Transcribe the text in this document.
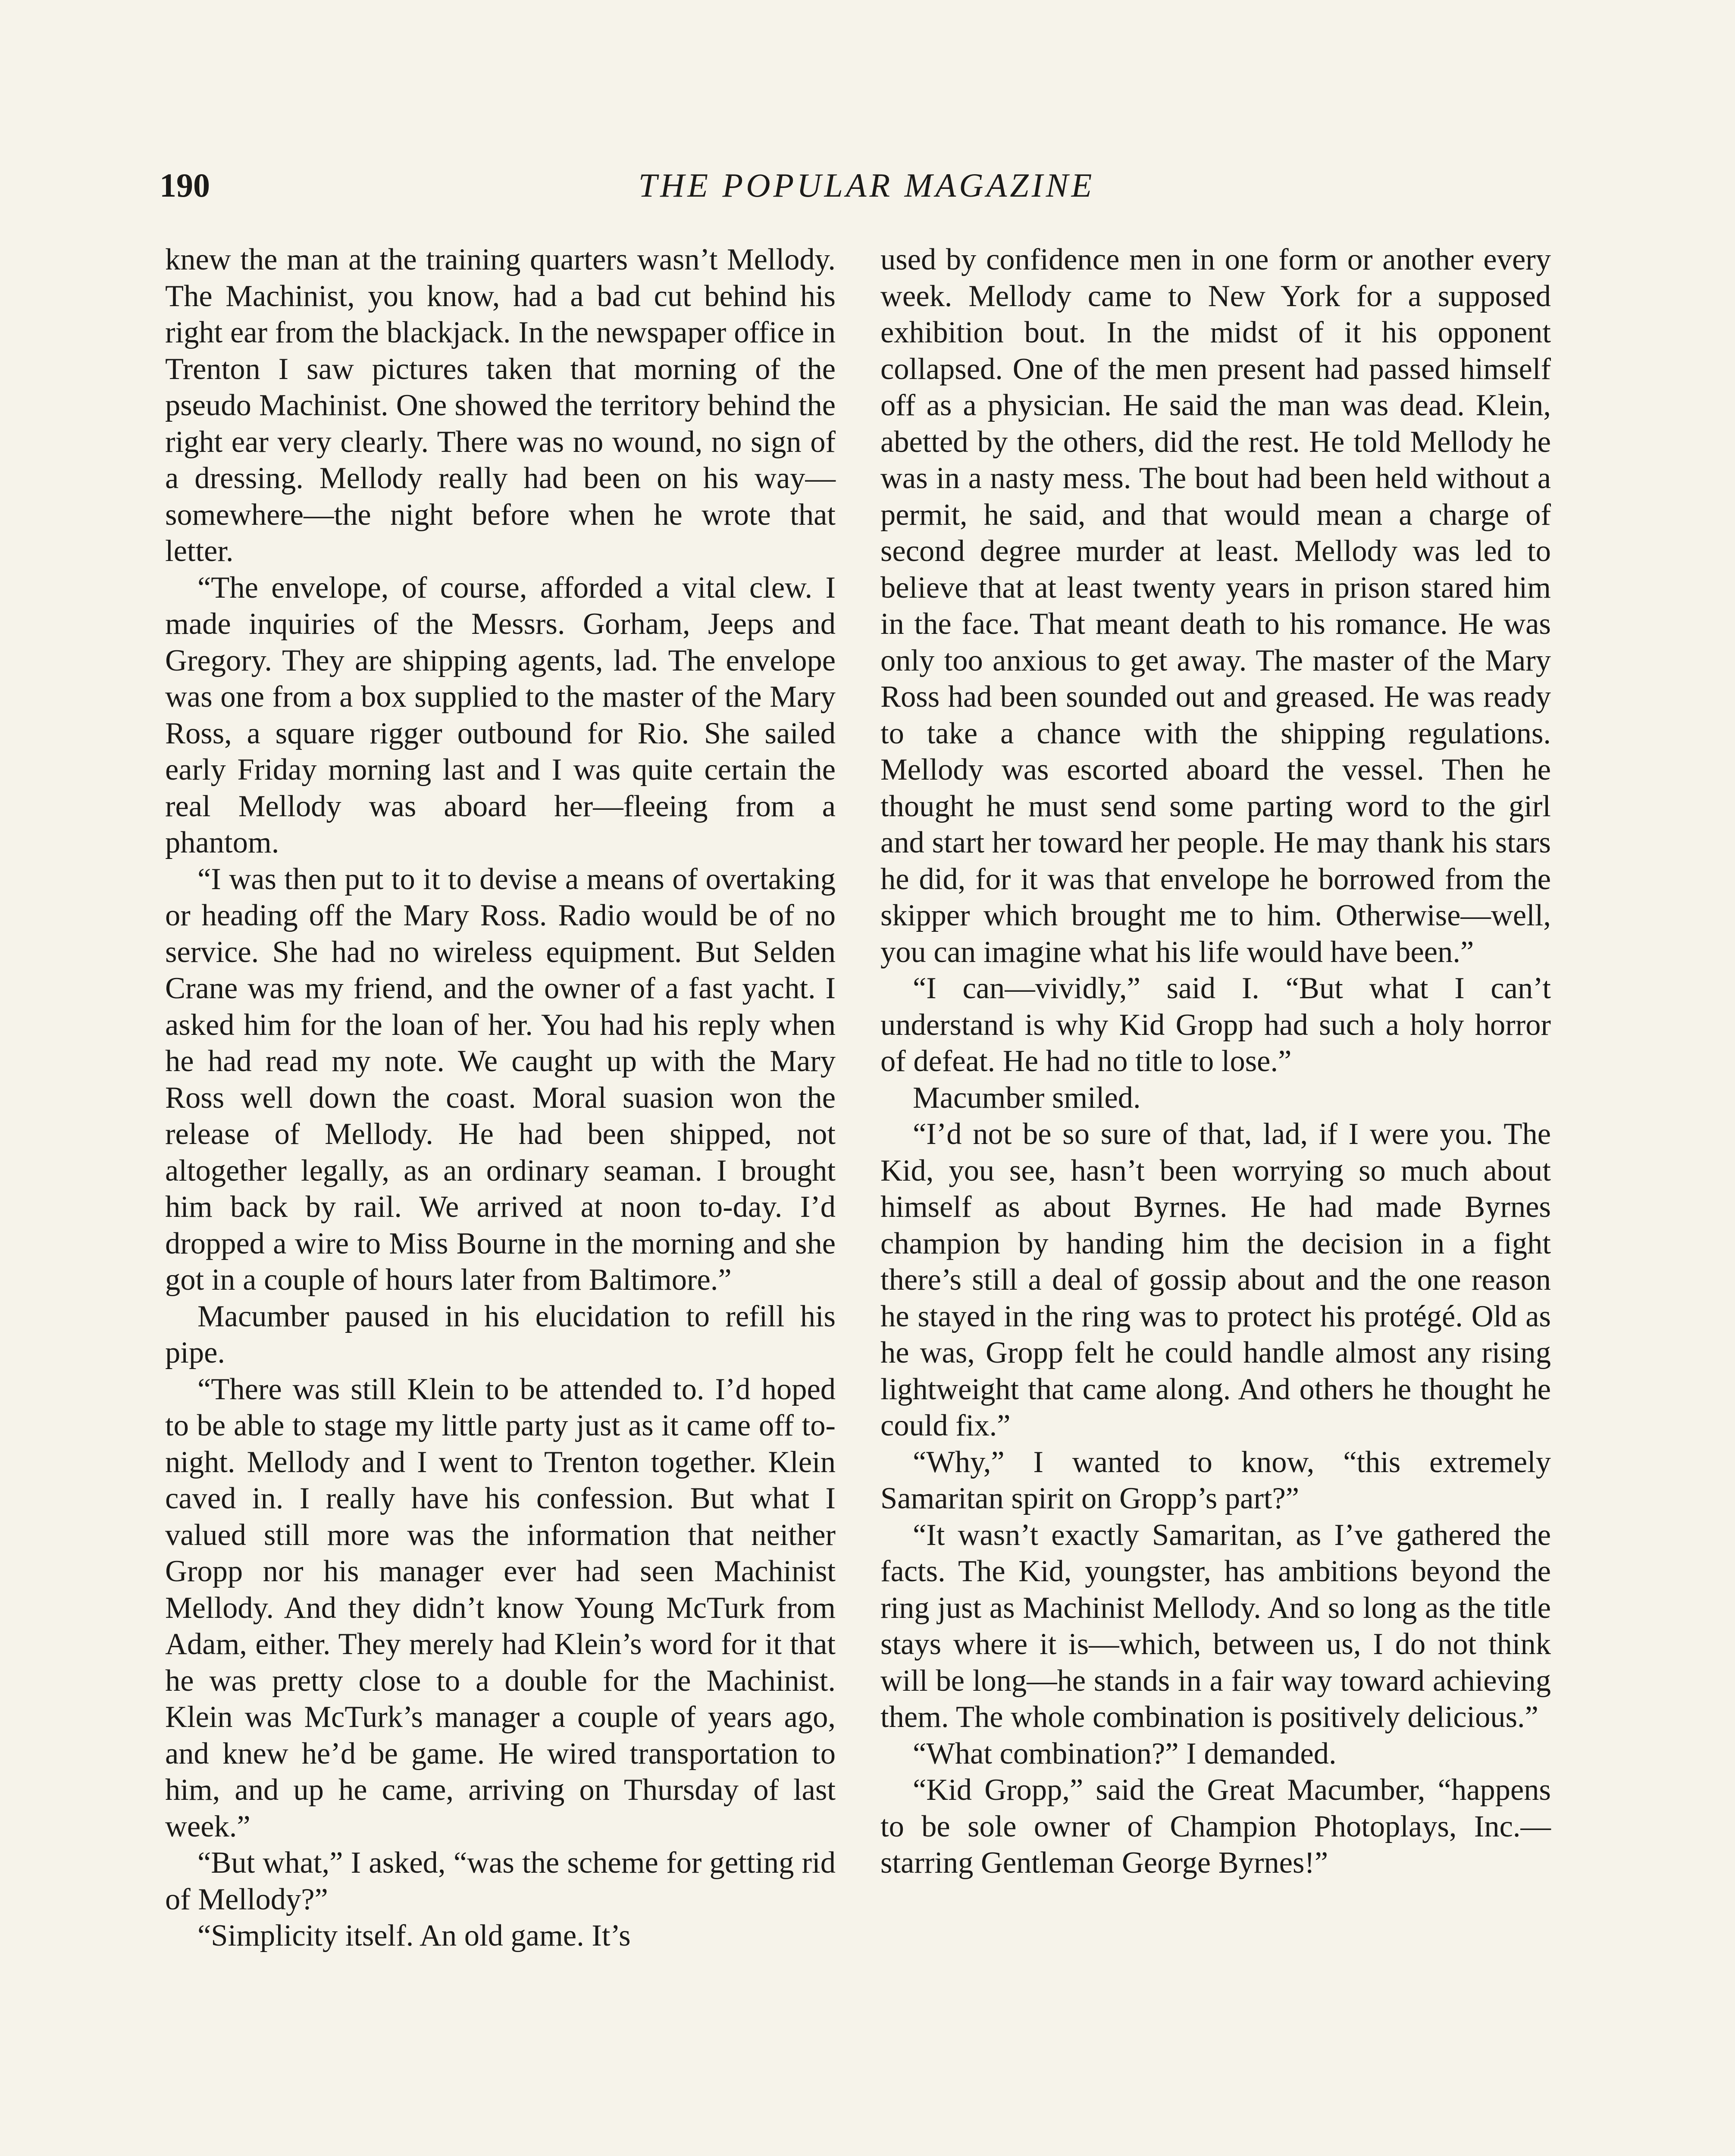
190	THE POPULAR MAGAZINE

knew the man at the training quarters wasn’t Mellody. The Machinist, you know, had a bad cut behind his right ear from the blackjack. In the newspaper office in Trenton I saw pictures taken that morning of the pseudo Machinist. One showed the territory behind the right ear very clearly. There was no wound, no sign of a dressing. Mellody really had been on his way—somewhere—the night before when he wrote that letter.

“The envelope, of course, afforded a vital clew. I made inquiries of the Messrs. Gorham, Jeeps and Gregory. They are shipping agents, lad. The envelope was one from a box supplied to the master of the Mary Ross, a square rigger outbound for Rio. She sailed early Friday morning last and I was quite certain the real Mellody was aboard her—fleeing from a phantom.

“I was then put to it to devise a means of overtaking or heading off the Mary Ross. Radio would be of no service. She had no wireless equipment. But Selden Crane was my friend, and the owner of a fast yacht. I asked him for the loan of her. You had his reply when he had read my note. We caught up with the Mary Ross well down the coast. Moral suasion won the release of Mellody. He had been shipped, not altogether legally, as an ordinary seaman. I brought him back by rail. We arrived at noon to-day. I’d dropped a wire to Miss Bourne in the morning and she got in a couple of hours later from Baltimore.”

Macumber paused in his elucidation to refill his pipe.

“There was still Klein to be attended to. I’d hoped to be able to stage my little party just as it came off to-night. Mellody and I went to Trenton together. Klein caved in. I really have his confession. But what I valued still more was the information that neither Gropp nor his manager ever had seen Machinist Mellody. And they didn’t know Young McTurk from Adam, either. They merely had Klein’s word for it that he was pretty close to a double for the Machinist. Klein was McTurk’s manager a couple of years ago, and knew he’d be game. He wired transportation to him, and up he came, arriving on Thursday of last week.”

“But what,” I asked, “was the scheme for getting rid of Mellody?”

“Simplicity itself. An old game. It’s

used by confidence men in one form or another every week. Mellody came to New York for a supposed exhibition bout. In the midst of it his opponent collapsed. One of the men present had passed himself off as a physician. He said the man was dead. Klein, abetted by the others, did the rest. He told Mellody he was in a nasty mess. The bout had been held without a permit, he said, and that would mean a charge of second degree murder at least. Mellody was led to believe that at least twenty years in prison stared him in the face. That meant death to his romance. He was only too anxious to get away. The master of the Mary Ross had been sounded out and greased. He was ready to take a chance with the shipping regulations. Mellody was escorted aboard the vessel. Then he thought he must send some parting word to the girl and start her toward her people. He may thank his stars he did, for it was that envelope he borrowed from the skipper which brought me to him. Otherwise—well, you can imagine what his life would have been.”

“I can—vividly,” said I. “But what I can’t understand is why Kid Gropp had such a holy horror of defeat. He had no title to lose.”

Macumber smiled.

“I’d not be so sure of that, lad, if I were you. The Kid, you see, hasn’t been worrying so much about himself as about Byrnes. He had made Byrnes champion by handing him the decision in a fight there’s still a deal of gossip about and the one reason he stayed in the ring was to protect his protégé. Old as he was, Gropp felt he could handle almost any rising lightweight that came along. And others he thought he could fix.”

“Why,” I wanted to know, “this extremely Samaritan spirit on Gropp’s part?”

“It wasn’t exactly Samaritan, as I’ve gathered the facts. The Kid, youngster, has ambitions beyond the ring just as Machinist Mellody. And so long as the title stays where it is—which, between us, I do not think will be long—he stands in a fair way toward achieving them. The whole combination is positively delicious.”

“What combination?” I demanded.

“Kid Gropp,” said the Great Macumber, “happens to be sole owner of Champion Photoplays, Inc.—starring Gentleman George Byrnes!”
